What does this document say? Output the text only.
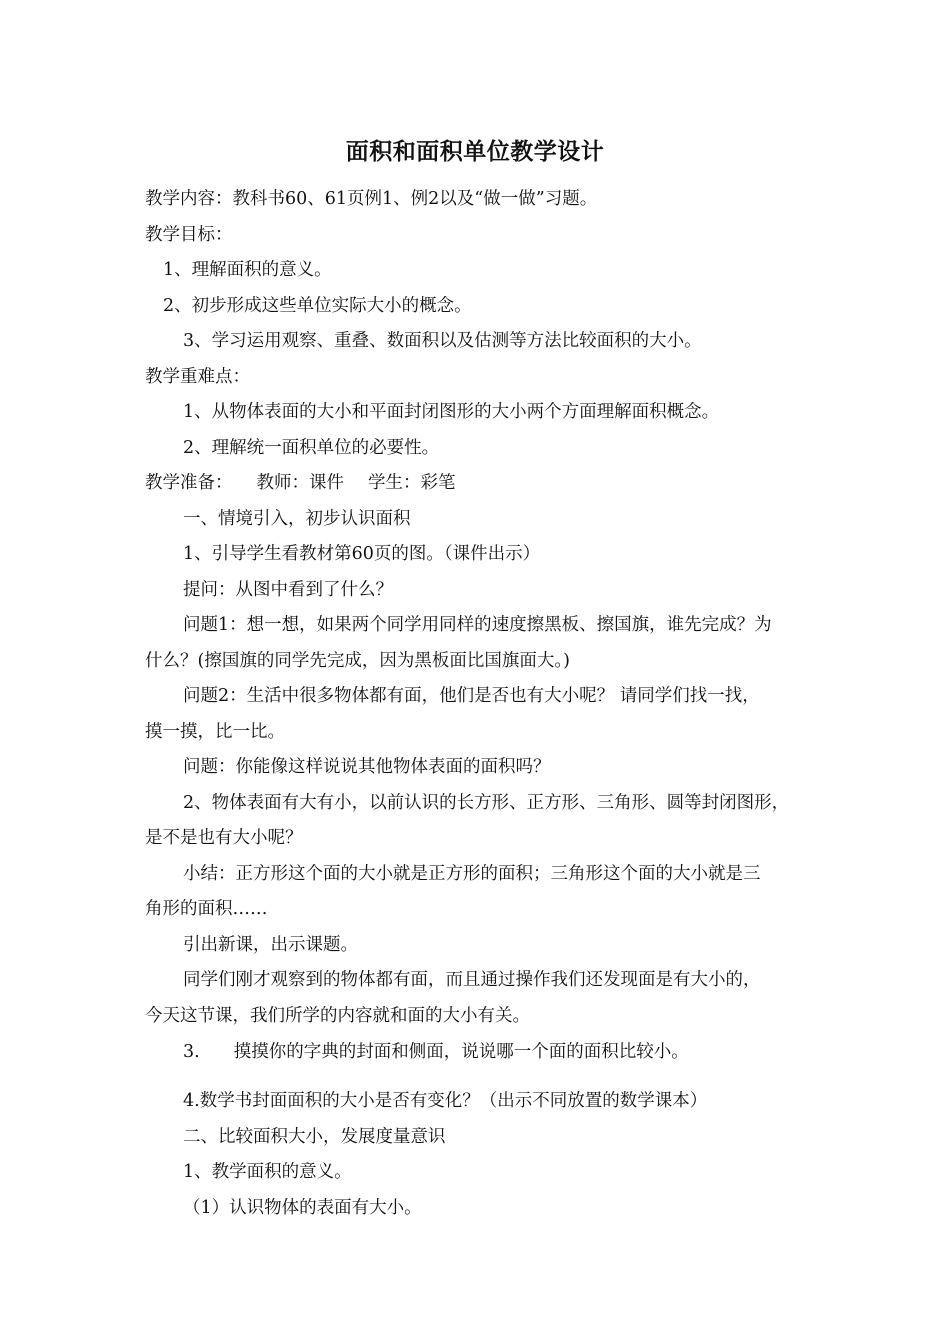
面积和面积单位教学设计
教学内容：教科书60、61页例1、例2以及“做一做”习题。
教学目标：
1、理解面积的意义。
2、初步形成这些单位实际大小的概念。
3、学习运用观察、重叠、数面积以及估测等方法比较面积的大小。
教学重难点：
1、从物体表面的大小和平面封闭图形的大小两个方面理解面积概念。
2、理解统一面积单位的必要性。
教学准备： 教师：课件 学生：彩笔
一、情境引入，初步认识面积
1、引导学生看教材第60页的图。（课件出示）
提问：从图中看到了什么？
问题1：想一想，如果两个同学用同样的速度擦黑板、擦国旗，谁先完成？为
什么？(擦国旗的同学先完成，因为黑板面比国旗面大。)
问题2：生活中很多物体都有面，他们是否也有大小呢？ 请同学们找一找，
摸一摸，比一比。
问题：你能像这样说说其他物体表面的面积吗？
2、物体表面有大有小，以前认识的长方形、正方形、三角形、圆等封闭图形，
是不是也有大小呢？
小结：正方形这个面的大小就是正方形的面积；三角形这个面的大小就是三
角形的面积……
引出新课，出示课题。
同学们刚才观察到的物体都有面，而且通过操作我们还发现面是有大小的，
今天这节课，我们所学的内容就和面的大小有关。
3. 摸摸你的字典的封面和侧面，说说哪一个面的面积比较小。
4.数学书封面面积的大小是否有变化？（出示不同放置的数学课本）
二、比较面积大小，发展度量意识
1、教学面积的意义。
（1）认识物体的表面有大小。
